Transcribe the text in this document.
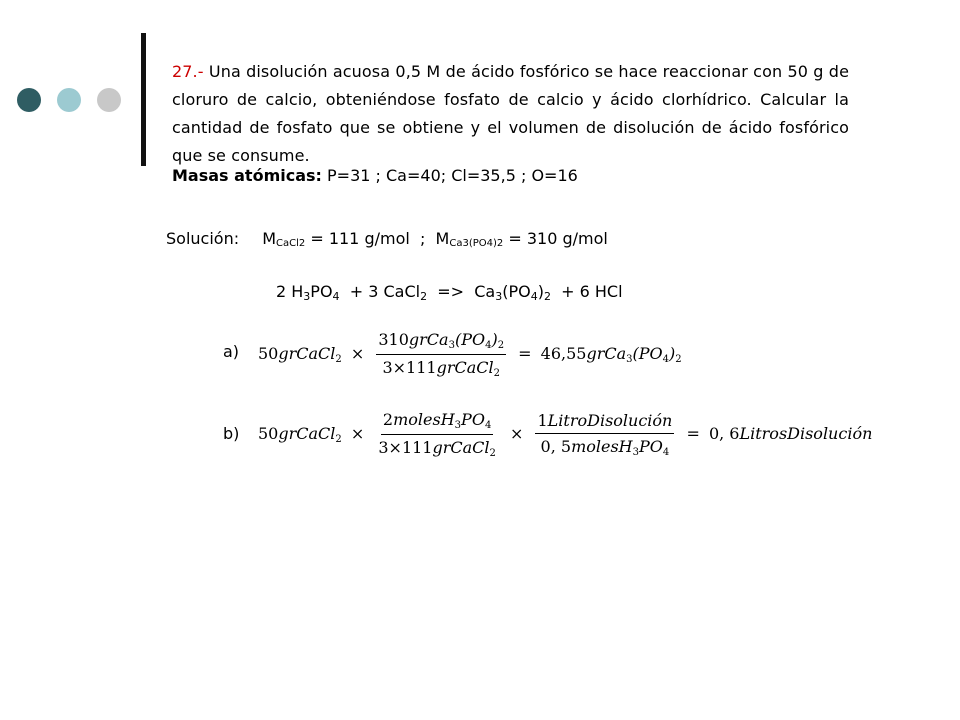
27.- Una disolución acuosa 0,5 M de ácido fosfórico se hace reaccionar con 50 g de cloruro de calcio, obteniéndose fosfato de calcio y ácido clorhídrico. Calcular la cantidad de fosfato que se obtiene y el volumen de disolución de ácido fosfórico que se consume.
Masas atómicas: P=31 ; Ca=40; Cl=35,5 ; O=16
Solución: $M_{CaCl2} = 111$ g/mol ; $M_{Ca3(PO4)2} = 310$ g/mol
2 $H_3PO_4 + 3$ CaCl$_2$ => $Ca_3(PO_4)_2 + 6$ HCl
a) 50grCaCl$_2$ × $\frac{310grCa_3(PO_4)_2}{3\times 111grCaCl_2}$ = $46,55grCa_3(PO_4)_2$
b) 50grCaCl$_2$ × $\frac{2molesH_3PO_4}{3\times 111grCaCl_2} \times \frac{\text{1LitroDisolución}}{0, 5molesH_3PO_4} = 0$, 6LitrosDisolución
